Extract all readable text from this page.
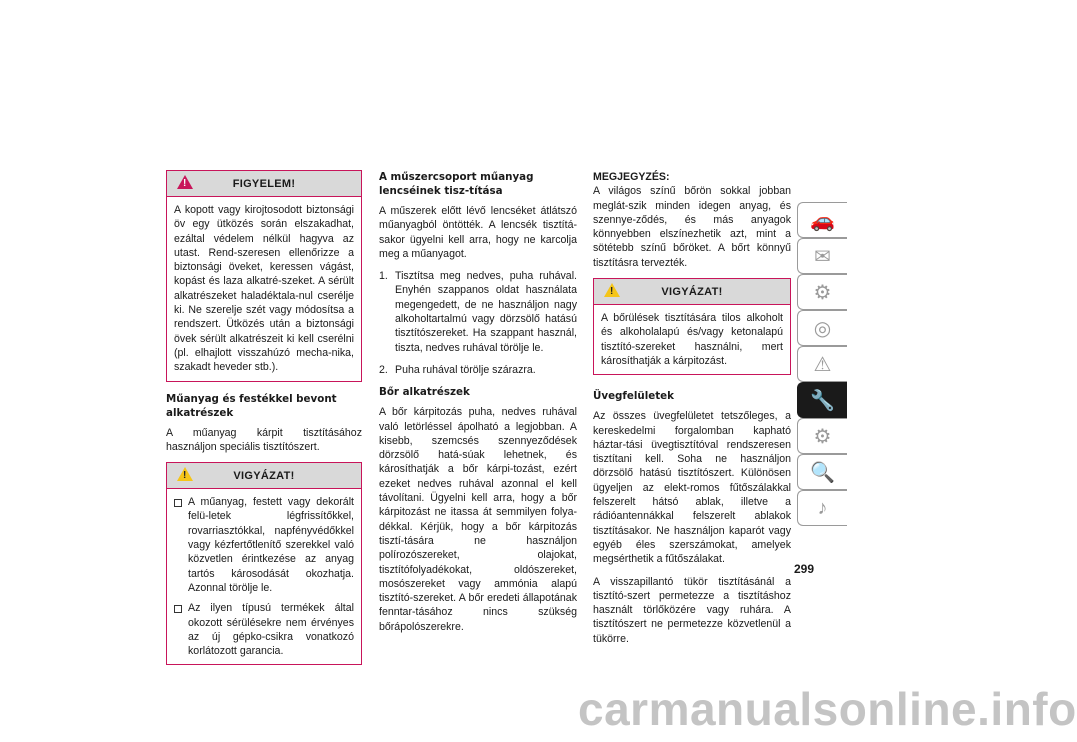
!
FIGYELEM!
A kopott vagy kirojtosodott biztonsági öv egy ütközés során elszakadhat, ezáltal védelem nélkül hagyva az utast. Rend-szeresen ellenőrizze a biztonsági öveket, keressen vágást, kopást és laza alkatré-szeket. A sérült alkatrészeket haladéktala-nul cserélje ki. Ne szerelje szét vagy módosítsa a rendszert. Ütközés után a biztonsági övek sérült alkatrészeit ki kell cserélni (pl. elhajlott visszahúzó mecha-nika, szakadt heveder stb.).
Műanyag és festékkel bevont alkatrészek

A műanyag kárpit tisztításához használjon speciális tisztítószert.

!
VIGYÁZAT!
A műanyag, festett vagy dekorált felü-letek légfrissítőkkel, rovarriasztókkal, napfényvédőkkel vagy kézfertőtlenítő szerekkel való közvetlen érintkezése az anyag tartós károsodását okozhatja. Azonnal törölje le.
Az ilyen típusú termékek által okozott sérülésekre nem érvényes az új gépko-csikra vonatkozó korlátozott garancia.
A műszercsoport műanyag lencséinek tisz-títása

A műszerek előtt lévő lencséket átlátszó műanyagból öntötték. A lencsék tisztítá-sakor ügyelni kell arra, hogy ne karcolja meg a műanyagot.

1. Tisztítsa meg nedves, puha ruhával. Enyhén szappanos oldat használata megengedett, de ne használjon nagy alkoholtartalmú vagy dörzsölő hatású tisztítószereket. Ha szappant használ, tiszta, nedves ruhával törölje le.
2. Puha ruhával törölje szárazra.
Bőr alkatrészek

A bőr kárpitozás puha, nedves ruhával való letörléssel ápolható a legjobban. A kisebb, szemcsés szennyeződések dörzsölő hatá-súak lehetnek, és károsíthatják a bőr kárpi-tozást, ezért ezeket nedves ruhával azonnal el kell távolítani. Ügyelni kell arra, hogy a bőr kárpitozást ne itassa át semmilyen folya-dékkal. Kérjük, hogy a bőr kárpitozás tisztí-tására ne használjon polírozószereket, olajokat, tisztítófolyadékokat, oldószereket, mosószereket vagy ammónia alapú tisztító-szereket. A bőr eredeti állapotának fenntar-tásához nincs szükség bőrápolószerekre.

MEGJEGYZÉS:

A világos színű bőrön sokkal jobban meglát-szik minden idegen anyag, és szennye-ződés, és más anyagok könnyebben elszínezhetik azt, mint a sötétebb színű bőröket. A bőrt könnyű tisztításra tervezték.

!
VIGYÁZAT!
A bőrülések tisztítására tilos alkoholt és alkoholalapú és/vagy ketonalapú tisztító-szereket használni, mert károsíthatják a kárpitozást.
Üvegfelületek

Az összes üvegfelületet tetszőleges, a kereskedelmi forgalomban kapható háztar-tási üvegtisztítóval rendszeresen tisztítani kell. Soha ne használjon dörzsölő hatású tisztítószert. Különösen ügyeljen az elekt-romos fűtőszálakkal felszerelt hátsó ablak, illetve a rádióantennákkal felszerelt ablakok tisztításakor. Ne használjon kaparót vagy egyéb éles szerszámokat, amelyek megsérthetik a fűtőszálakat.

A visszapillantó tükör tisztításánál a tisztító-szert permetezze a tisztításhoz használt törlőközére vagy ruhára. A tisztítószert ne permetezze közvetlenül a tükörre.

🚗
✉
⚙
◎
⚠
🔧
⚙
🔍
♪
299
carmanualsonline.info
